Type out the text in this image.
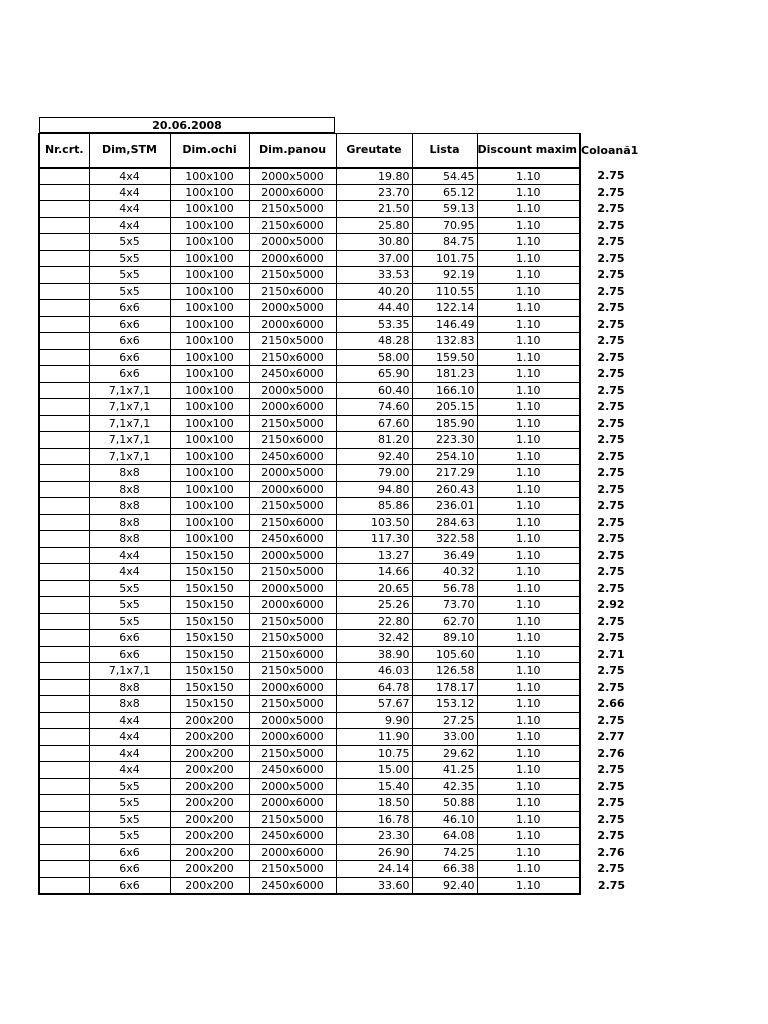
20.06.2008
Nr.crt.	Dim,STM	Dim.ochi	Dim.panou	Greutate	Lista	Discount maxim	Coloană1
	4x4	100x100	2000x5000	19.80	54.45	1.10	2.75
	4x4	100x100	2000x6000	23.70	65.12	1.10	2.75
	4x4	100x100	2150x5000	21.50	59.13	1.10	2.75
	4x4	100x100	2150x6000	25.80	70.95	1.10	2.75
	5x5	100x100	2000x5000	30.80	84.75	1.10	2.75
	5x5	100x100	2000x6000	37.00	101.75	1.10	2.75
	5x5	100x100	2150x5000	33.53	92.19	1.10	2.75
	5x5	100x100	2150x6000	40.20	110.55	1.10	2.75
	6x6	100x100	2000x5000	44.40	122.14	1.10	2.75
	6x6	100x100	2000x6000	53.35	146.49	1.10	2.75
	6x6	100x100	2150x5000	48.28	132.83	1.10	2.75
	6x6	100x100	2150x6000	58.00	159.50	1.10	2.75
	6x6	100x100	2450x6000	65.90	181.23	1.10	2.75
	7,1x7,1	100x100	2000x5000	60.40	166.10	1.10	2.75
	7,1x7,1	100x100	2000x6000	74.60	205.15	1.10	2.75
	7,1x7,1	100x100	2150x5000	67.60	185.90	1.10	2.75
	7,1x7,1	100x100	2150x6000	81.20	223.30	1.10	2.75
	7,1x7,1	100x100	2450x6000	92.40	254.10	1.10	2.75
	8x8	100x100	2000x5000	79.00	217.29	1.10	2.75
	8x8	100x100	2000x6000	94.80	260.43	1.10	2.75
	8x8	100x100	2150x5000	85.86	236.01	1.10	2.75
	8x8	100x100	2150x6000	103.50	284.63	1.10	2.75
	8x8	100x100	2450x6000	117.30	322.58	1.10	2.75
	4x4	150x150	2000x5000	13.27	36.49	1.10	2.75
	4x4	150x150	2150x5000	14.66	40.32	1.10	2.75
	5x5	150x150	2000x5000	20.65	56.78	1.10	2.75
	5x5	150x150	2000x6000	25.26	73.70	1.10	2.92
	5x5	150x150	2150x5000	22.80	62.70	1.10	2.75
	6x6	150x150	2150x5000	32.42	89.10	1.10	2.75
	6x6	150x150	2150x6000	38.90	105.60	1.10	2.71
	7,1x7,1	150x150	2150x5000	46.03	126.58	1.10	2.75
	8x8	150x150	2000x6000	64.78	178.17	1.10	2.75
	8x8	150x150	2150x5000	57.67	153.12	1.10	2.66
	4x4	200x200	2000x5000	9.90	27.25	1.10	2.75
	4x4	200x200	2000x6000	11.90	33.00	1.10	2.77
	4x4	200x200	2150x5000	10.75	29.62	1.10	2.76
	4x4	200x200	2450x6000	15.00	41.25	1.10	2.75
	5x5	200x200	2000x5000	15.40	42.35	1.10	2.75
	5x5	200x200	2000x6000	18.50	50.88	1.10	2.75
	5x5	200x200	2150x5000	16.78	46.10	1.10	2.75
	5x5	200x200	2450x6000	23.30	64.08	1.10	2.75
	6x6	200x200	2000x6000	26.90	74.25	1.10	2.76
	6x6	200x200	2150x5000	24.14	66.38	1.10	2.75
	6x6	200x200	2450x6000	33.60	92.40	1.10	2.75
